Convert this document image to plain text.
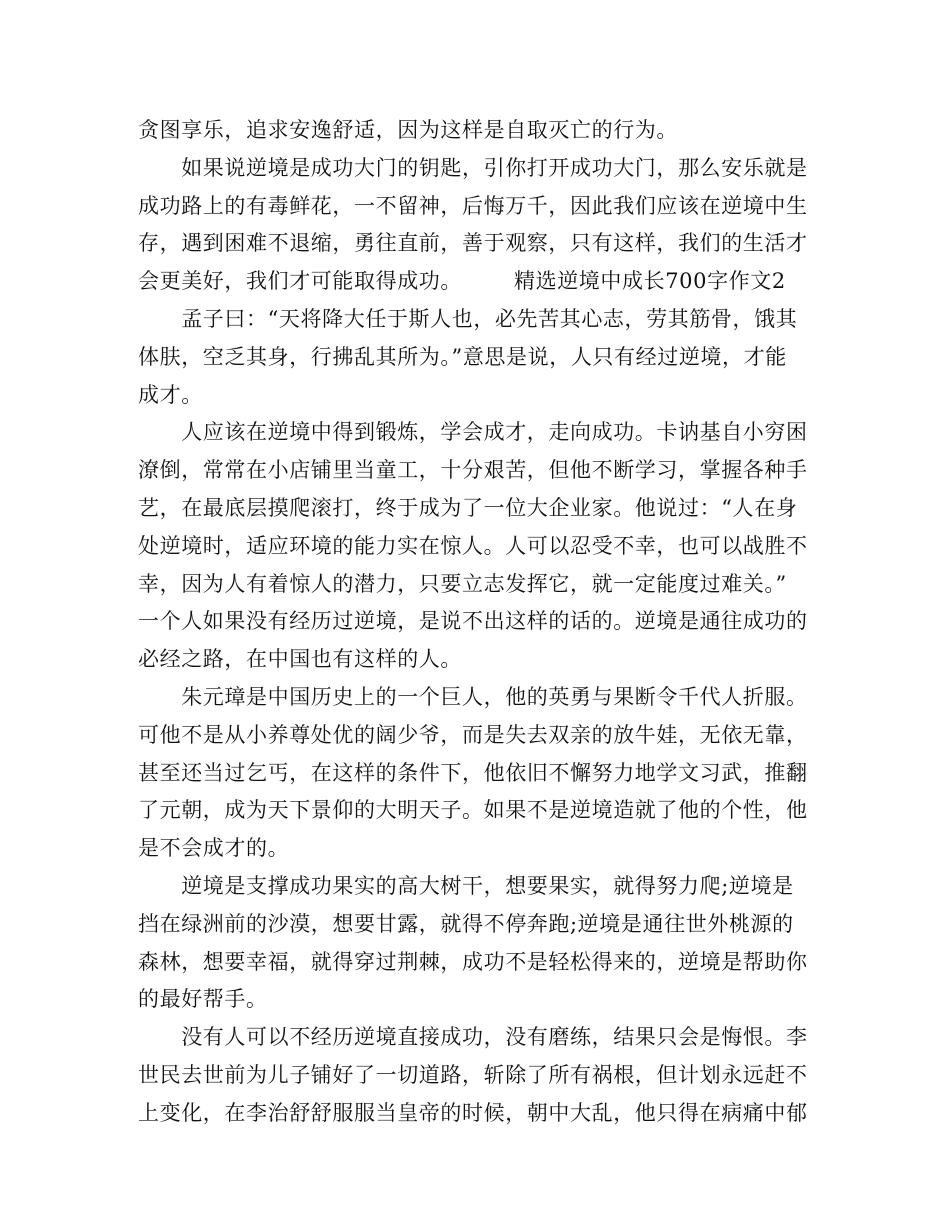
贪图享乐，追求安逸舒适，因为这样是自取灭亡的行为。
　　如果说逆境是成功大门的钥匙，引你打开成功大门，那么安乐就是
成功路上的有毒鲜花，一不留神，后悔万千，因此我们应该在逆境中生
存，遇到困难不退缩，勇往直前，善于观察，只有这样，我们的生活才
会更美好，我们才可能取得成功。 精选逆境中成长700字作文2
　　孟子曰：“天将降大任于斯人也，必先苦其心志，劳其筋骨，饿其
体肤，空乏其身，行拂乱其所为。”意思是说，人只有经过逆境，才能
成才。
　　人应该在逆境中得到锻炼，学会成才，走向成功。卡讷基自小穷困
潦倒，常常在小店铺里当童工，十分艰苦，但他不断学习，掌握各种手
艺，在最底层摸爬滚打，终于成为了一位大企业家。他说过：“人在身
处逆境时，适应环境的能力实在惊人。人可以忍受不幸，也可以战胜不
幸，因为人有着惊人的潜力，只要立志发挥它，就一定能度过难关。”
一个人如果没有经历过逆境，是说不出这样的话的。逆境是通往成功的
必经之路，在中国也有这样的人。
　　朱元璋是中国历史上的一个巨人，他的英勇与果断令千代人折服。
可他不是从小养尊处优的阔少爷，而是失去双亲的放牛娃，无依无靠，
甚至还当过乞丐，在这样的条件下，他依旧不懈努力地学文习武，推翻
了元朝，成为天下景仰的大明天子。如果不是逆境造就了他的个性，他
是不会成才的。
　　逆境是支撑成功果实的高大树干，想要果实，就得努力爬;逆境是
挡在绿洲前的沙漠，想要甘露，就得不停奔跑;逆境是通往世外桃源的
森林，想要幸福，就得穿过荆棘，成功不是轻松得来的，逆境是帮助你
的最好帮手。
　　没有人可以不经历逆境直接成功，没有磨练，结果只会是悔恨。李
世民去世前为儿子铺好了一切道路，斩除了所有祸根，但计划永远赶不
上变化，在李治舒舒服服当皇帝的时候，朝中大乱，他只得在病痛中郁
